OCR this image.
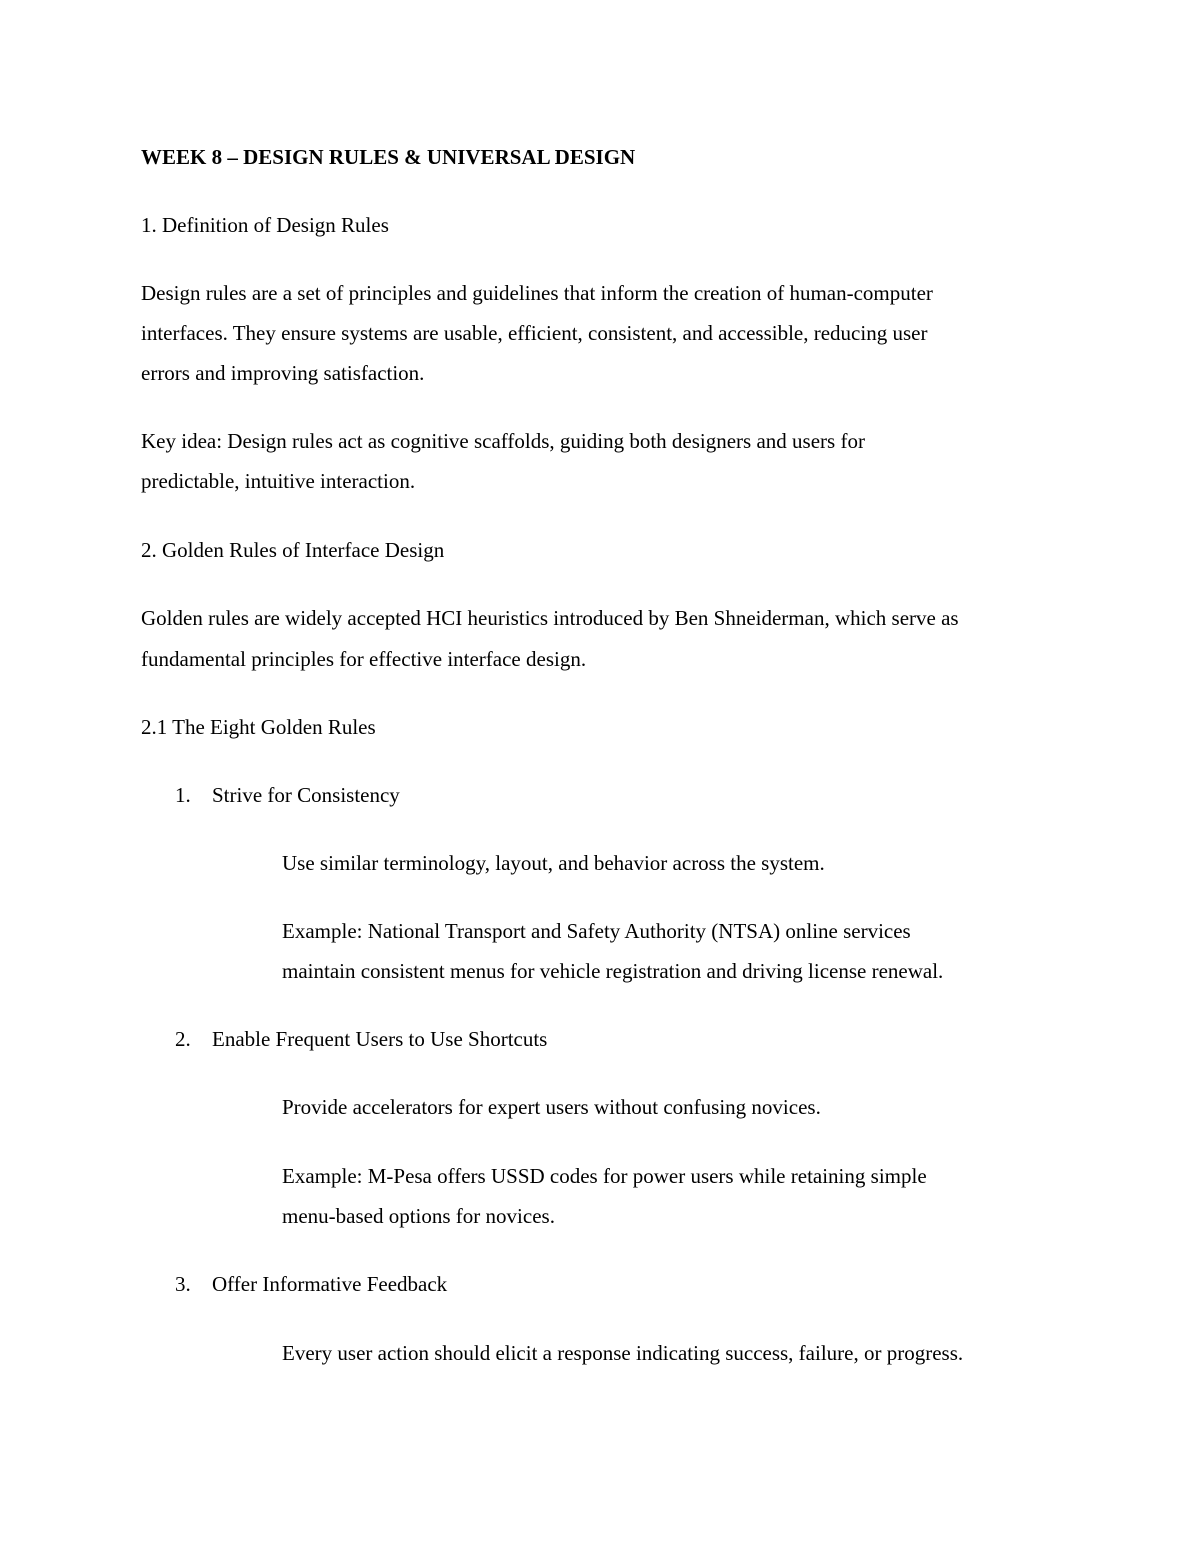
WEEK 8 – DESIGN RULES & UNIVERSAL DESIGN
1. Definition of Design Rules
Design rules are a set of principles and guidelines that inform the creation of human-computer
interfaces. They ensure systems are usable, efficient, consistent, and accessible, reducing user
errors and improving satisfaction.
Key idea: Design rules act as cognitive scaffolds, guiding both designers and users for
predictable, intuitive interaction.
2. Golden Rules of Interface Design
Golden rules are widely accepted HCI heuristics introduced by Ben Shneiderman, which serve as
fundamental principles for effective interface design.
2.1 The Eight Golden Rules
1. Strive for Consistency
Use similar terminology, layout, and behavior across the system.
Example: National Transport and Safety Authority (NTSA) online services
maintain consistent menus for vehicle registration and driving license renewal.
2. Enable Frequent Users to Use Shortcuts
Provide accelerators for expert users without confusing novices.
Example: M-Pesa offers USSD codes for power users while retaining simple
menu-based options for novices.
3. Offer Informative Feedback
Every user action should elicit a response indicating success, failure, or progress.
